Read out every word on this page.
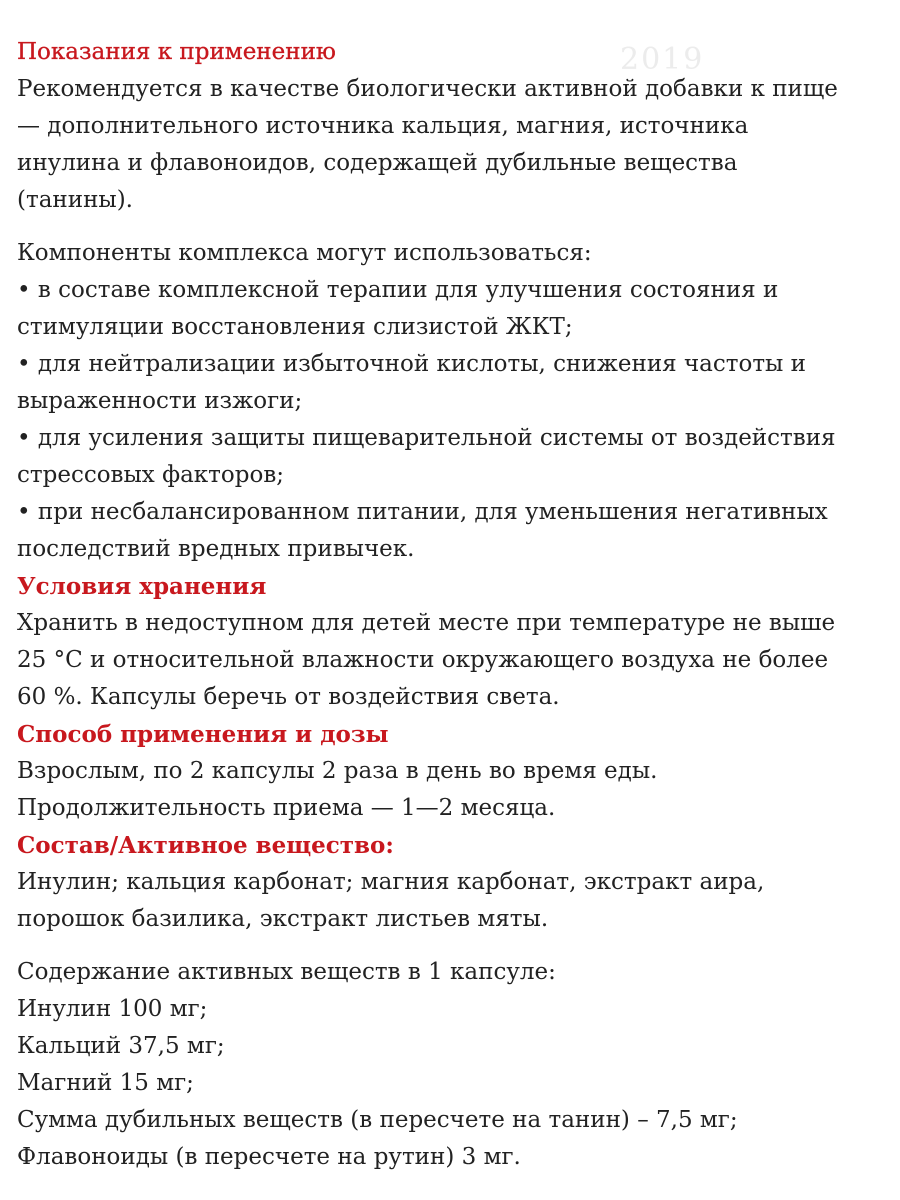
2019
Показания к применению

Рекомендуется в качестве биологически активной добавки к пище
— дополнительного источника кальция, магния, источника
инулина и флавоноидов, содержащей дубильные вещества
(танины).

Компоненты комплекса могут использоваться:
• в составе комплексной терапии для улучшения состояния и
стимуляции восстановления слизистой ЖКТ;
• для нейтрализации избыточной кислоты, снижения частоты и
выраженности изжоги;
• для усиления защиты пищеварительной системы от воздействия
стрессовых факторов;
• при несбалансированном питании, для уменьшения негативных
последствий вредных привычек.

Условия хранения

Хранить в недоступном для детей месте при температуре не выше
25 °С и относительной влажности окружающего воздуха не более
60 %. Капсулы беречь от воздействия света.

Способ применения и дозы

Взрослым, по 2 капсулы 2 раза в день во время еды.
Продолжительность приема — 1—2 месяца.

Состав/Активное вещество:

Инулин; кальция карбонат; магния карбонат, экстракт аира,
порошок базилика, экстракт листьев мяты.

Содержание активных веществ в 1 капсуле:
Инулин 100 мг;
Кальций 37,5 мг;
Магний 15 мг;
Сумма дубильных веществ (в пересчете на танин) – 7,5 мг;
Флавоноиды (в пересчете на рутин) 3 мг.
